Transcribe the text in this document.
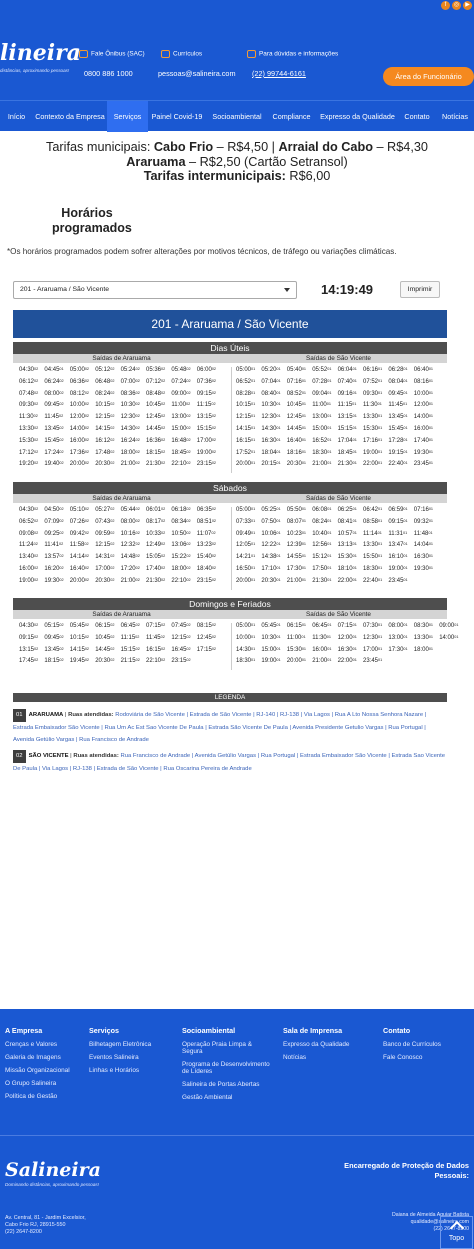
f	◎	▶
lineira
distâncias, aproximando pessoas!
Fale Ônibus (SAC)
0800 886 1000
Currículos
pessoas@salineira.com
Para dúvidas e informações
(22) 99744-6161	Área do Funcionário
Início	Contexto da Empresa	Serviços	Painel Covid-19	Socioambiental	Compliance	Expresso da Qualidade	Contato	Notícias
Tarifas municipais: Cabo Frio – R$4,50 | Arraial do Cabo – R$4,30
Araruama – R$2,50 (Cartão Setransol)
Tarifas intermunicipais: R$6,00
Horários programados
*Os horários programados podem sofrer alterações por motivos técnicos, de tráfego ou variações climáticas.
201 - Araruama / São Vicente	14:19:49	Imprimir
201 - Araruama / São Vicente
Dias Úteis
Saídas de Araruama	Saídas de São Vicente
$04:30^{02}$ $04:45^{01}$ $05:00^{02}$ $05:12^{02}$ $05:24^{02}$ $05:36^{02}$ $05:48^{02}$ $06:00^{02}$
$06:12^{02}$ $06:24^{02}$ $06:36^{02}$ $06:48^{02}$ $07:00^{02}$ $07:12^{02}$ $07:24^{02}$ $07:36^{02}$
$07:48^{02}$ $08:00^{02}$ $08:12^{02}$ $08:24^{02}$ $08:36^{02}$ $08:48^{02}$ $09:00^{02}$ $09:15^{02}$
$09:30^{02}$ $09:45^{02}$ $10:00^{02}$ $10:15^{02}$ $10:30^{02}$ $10:45^{02}$ $11:00^{02}$ $11:15^{02}$
$11:30^{02}$ $11:45^{02}$ $12:00^{02}$ $12:15^{02}$ $12:30^{02}$ $12:45^{02}$ $13:00^{02}$ $13:15^{02}$
$13:30^{02}$ $13:45^{02}$ $14:00^{02}$ $14:15^{02}$ $14:30^{02}$ $14:45^{02}$ $15:00^{02}$ $15:15^{02}$
$15:30^{02}$ $15:45^{02}$ $16:00^{02}$ $16:12^{02}$ $16:24^{02}$ $16:36^{02}$ $16:48^{02}$ $17:00^{02}$
$17:12^{02}$ $17:24^{02}$ $17:36^{02}$ $17:48^{02}$ $18:00^{02}$ $18:15^{02}$ $18:45^{02}$ $19:00^{02}$
$19:20^{02}$ $19:40^{02}$ $20:00^{02}$ $20:30^{02}$ $21:00^{02}$ $21:30^{02}$ $22:10^{02}$ $23:15^{02}$
$05:00^{01}$ $05:20^{01}$ $05:40^{01}$ $05:52^{01}$ $06:04^{01}$ $06:16^{01}$ $06:28^{01}$ $06:40^{01}$
$06:52^{01}$ $07:04^{01}$ $07:16^{01}$ $07:28^{01}$ $07:40^{01}$ $07:52^{01}$ $08:04^{01}$ $08:16^{01}$
$08:28^{01}$ $08:40^{01}$ $08:52^{01}$ $09:04^{01}$ $09:16^{01}$ $09:30^{01}$ $09:45^{01}$ $10:00^{01}$
$10:15^{01}$ $10:30^{01}$ $10:45^{01}$ $11:00^{01}$ $11:15^{01}$ $11:30^{01}$ $11:45^{01}$ $12:00^{01}$
$12:15^{01}$ $12:30^{01}$ $12:45^{01}$ $13:00^{01}$ $13:15^{01}$ $13:30^{01}$ $13:45^{01}$ $14:00^{01}$
$14:15^{01}$ $14:30^{01}$ $14:45^{01}$ $15:00^{01}$ $15:15^{01}$ $15:30^{01}$ $15:45^{01}$ $16:00^{01}$
$16:15^{01}$ $16:30^{01}$ $16:40^{01}$ $16:52^{01}$ $17:04^{01}$ $17:16^{01}$ $17:28^{01}$ $17:40^{01}$
$17:52^{01}$ $18:04^{01}$ $18:16^{01}$ $18:30^{01}$ $18:45^{01}$ $19:00^{01}$ $19:15^{01}$ $19:30^{01}$
$20:00^{01}$ $20:15^{01}$ $20:30^{01}$ $21:00^{01}$ $21:30^{01}$ $22:00^{01}$ $22:40^{01}$ $23:45^{01}$
Sábados
Saídas de Araruama	Saídas de São Vicente
$04:30^{02}$ $04:50^{02}$ $05:10^{02}$ $05:27^{02}$ $05:44^{02}$ $06:01^{02}$ $06:18^{02}$ $06:35^{02}$
$06:52^{02}$ $07:09^{02}$ $07:26^{02}$ $07:43^{02}$ $08:00^{02}$ $08:17^{02}$ $08:34^{02}$ $08:51^{02}$
$09:08^{02}$ $09:25^{02}$ $09:42^{02}$ $09:59^{02}$ $10:16^{02}$ $10:33^{02}$ $10:50^{02}$ $11:07^{02}$
$11:24^{02}$ $11:41^{02}$ $11:58^{02}$ $12:15^{02}$ $12:32^{02}$ $12:49^{02}$ $13:06^{02}$ $13:23^{02}$
$13:40^{02}$ $13:57^{02}$ $14:14^{02}$ $14:31^{02}$ $14:48^{02}$ $15:05^{02}$ $15:22^{02}$ $15:40^{02}$
$16:00^{02}$ $16:20^{02}$ $16:40^{02}$ $17:00^{02}$ $17:20^{02}$ $17:40^{02}$ $18:00^{02}$ $18:40^{02}$
$19:00^{02}$ $19:30^{02}$ $20:00^{02}$ $20:30^{02}$ $21:00^{02}$ $21:30^{02}$ $22:10^{02}$ $23:15^{02}$
$05:00^{01}$ $05:25^{01}$ $05:50^{01}$ $06:08^{01}$ $06:25^{01}$ $06:42^{01}$ $06:59^{01}$ $07:16^{01}$
$07:33^{01}$ $07:50^{01}$ $08:07^{01}$ $08:24^{01}$ $08:41^{01}$ $08:58^{01}$ $09:15^{01}$ $09:32^{01}$
$09:49^{01}$ $10:06^{01}$ $10:23^{01}$ $10:40^{01}$ $10:57^{01}$ $11:14^{01}$ $11:31^{01}$ $11:48^{01}$
$12:05^{01}$ $12:22^{01}$ $12:39^{01}$ $12:56^{01}$ $13:13^{01}$ $13:30^{01}$ $13:47^{01}$ $14:04^{01}$
$14:21^{01}$ $14:38^{01}$ $14:55^{01}$ $15:12^{01}$ $15:30^{01}$ $15:50^{01}$ $16:10^{01}$ $16:30^{01}$
$16:50^{01}$ $17:10^{01}$ $17:30^{01}$ $17:50^{01}$ $18:10^{01}$ $18:30^{01}$ $19:00^{01}$ $19:30^{01}$
$20:00^{01}$ $20:30^{01}$ $21:00^{01}$ $21:30^{01}$ $22:00^{01}$ $22:40^{01}$ $23:45^{01}$
Domingos e Feriados
Saídas de Araruama	Saídas de São Vicente
$04:30^{02}$ $05:15^{02}$ $05:45^{02}$ $06:15^{02}$ $06:45^{02}$ $07:15^{02}$ $07:45^{02}$ $08:15^{02}$
$09:15^{02}$ $09:45^{02}$ $10:15^{02}$ $10:45^{02}$ $11:15^{02}$ $11:45^{02}$ $12:15^{02}$ $12:45^{02}$
$13:15^{02}$ $13:45^{02}$ $14:15^{02}$ $14:45^{02}$ $15:15^{02}$ $16:15^{02}$ $16:45^{02}$ $17:15^{02}$
$17:45^{02}$ $18:15^{02}$ $19:45^{02}$ $20:30^{02}$ $21:15^{02}$ $22:10^{02}$ $23:15^{02}$
$05:00^{01}$ $05:45^{01}$ $06:15^{01}$ $06:45^{01}$ $07:15^{01}$ $07:30^{01}$ $08:00^{01}$ $08:30^{01}$ $09:00^{01}$
$10:00^{01}$ $10:30^{01}$ $11:00^{01}$ $11:30^{01}$ $12:00^{01}$ $12:30^{01}$ $13:00^{01}$ $13:30^{01}$ $14:00^{01}$
$14:30^{01}$ $15:00^{01}$ $15:30^{01}$ $16:00^{01}$ $16:30^{01}$ $17:00^{01}$ $17:30^{01}$ $18:00^{01}$
$18:30^{01}$ $19:00^{01}$ $20:00^{01}$ $21:00^{01}$ $22:00^{01}$ $23:45^{01}$
LEGENDA
01 ARARUAMA | Ruas atendidas: Rodoviária de São Vicente | Estrada de São Vicente | RJ-140 | RJ-138 | Via Lagos | Rua A Lto Nossa Senhora Nazare | Estrada Embaixador São Vicente | Rua Um Ac Est Sao Vicente De Paula | Estrada São Vicente De Paula | Avenida Presidente Getulio Vargas | Rua Portugal | Avenida Getúlio Vargas | Rua Francisco de Andrade
02 SÃO VICENTE | Ruas atendidas: Rua Francisco de Andrade | Avenida Getúlio Vargas | Rua Portugal | Estrada Embaixador São Vicente | Estrada Sao Vicente De Paula | Via Lagos | RJ-138 | Estrada de São Vicente | Rua Oscarina Pereira de Andrade
A Empresa
Crenças e Valores
Galeria de Imagens
Missão Organizacional
O Grupo Salineira
Política de Gestão
Serviços
Bilhetagem Eletrônica
Eventos Salineira
Linhas e Horários
Socioambiental
Operação Praia Limpa & Segura
Programa de Desenvolvimento de Líderes
Salineira de Portas Abertas
Gestão Ambiental
Sala de Imprensa
Expresso da Qualidade
Notícias
Contato
Banco de Currículos
Fale Conosco
Salineira
Dominando distâncias, aproximando pessoas!
Encarregado de Proteção de Dados Pessoais:
Av. Central, 81 - Jardim Excelsior,
Cabo Frio RJ, 28915-550
(22) 2647-8200
Daiana de Almeida Aguiar Batista
qualidade@salineira.com
(22) 2647-8200
Topo
